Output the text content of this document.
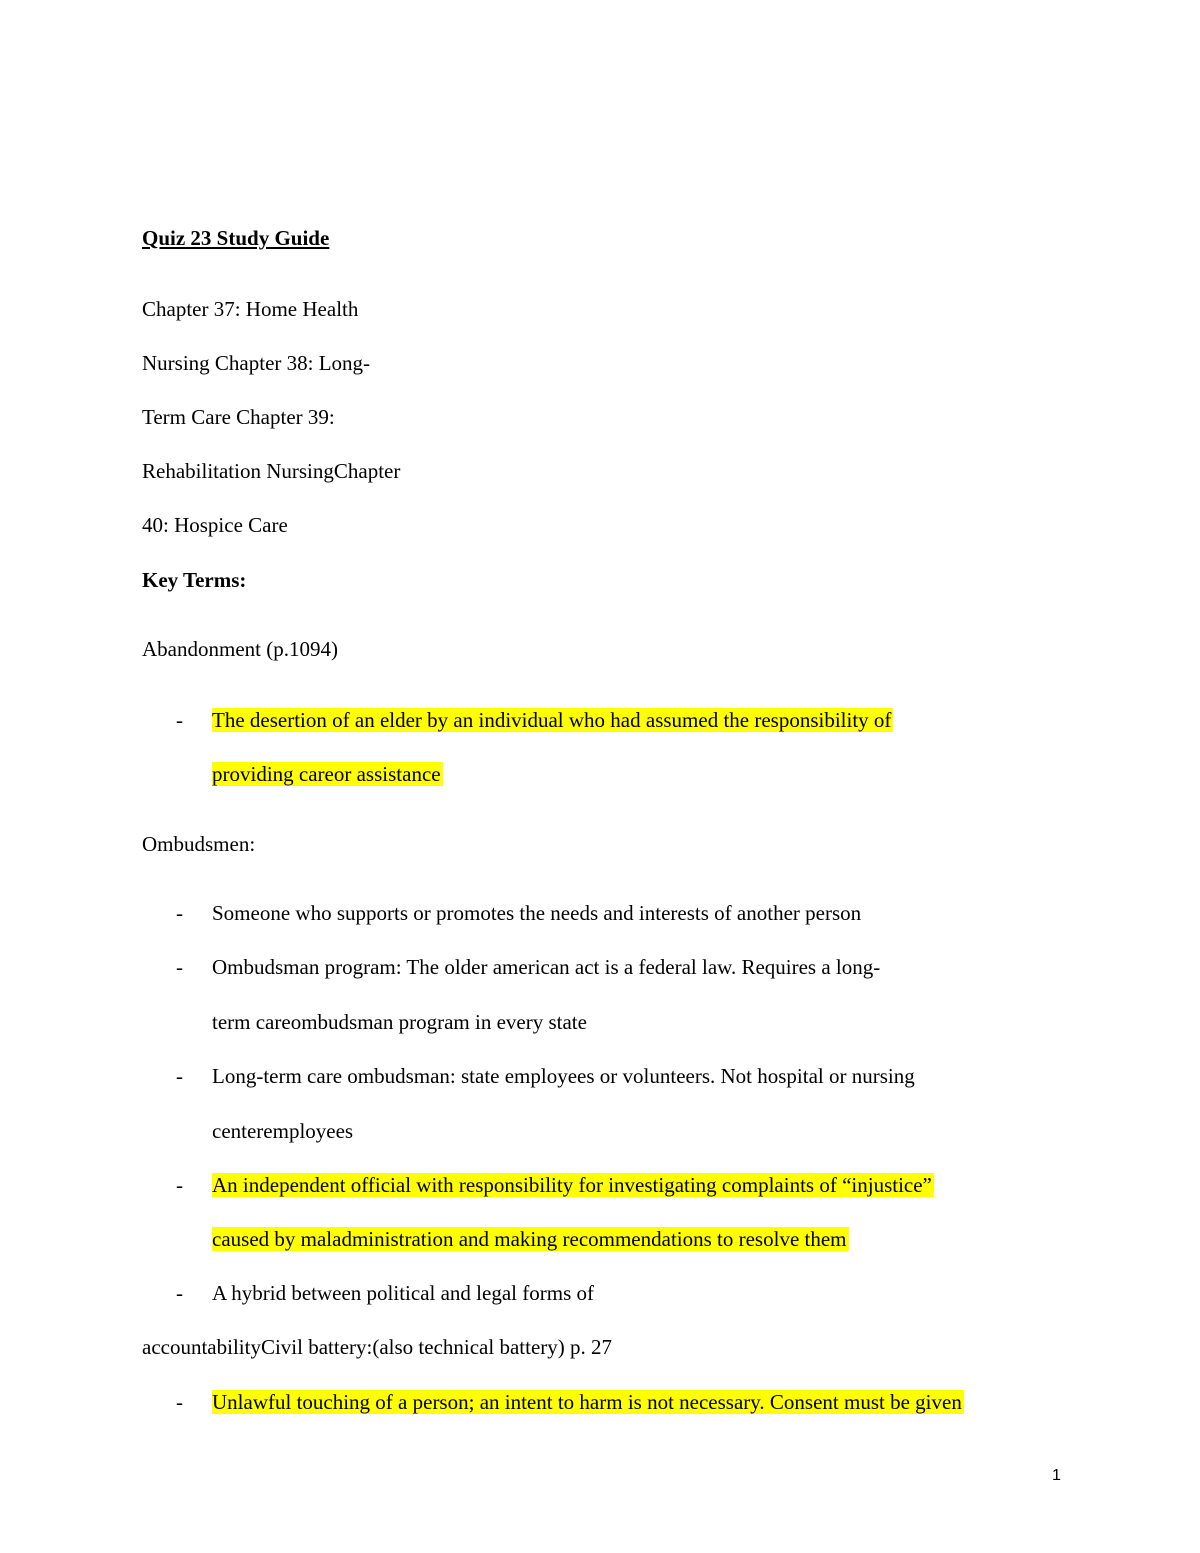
Quiz 23 Study Guide
Chapter 37: Home Health
Nursing Chapter 38: Long-
Term Care Chapter 39:
Rehabilitation NursingChapter
40: Hospice Care
Key Terms:
Abandonment (p.1094)
- The desertion of an elder by an individual who had assumed the responsibility of
providing careor assistance
Ombudsmen:
- Someone who supports or promotes the needs and interests of another person
- Ombudsman program: The older american act is a federal law. Requires a long-
term careombudsman program in every state
- Long-term care ombudsman: state employees or volunteers. Not hospital or nursing
centeremployees
- An independent official with responsibility for investigating complaints of “injustice”
caused by maladministration and making recommendations to resolve them
- A hybrid between political and legal forms of
accountabilityCivil battery:(also technical battery) p. 27
- Unlawful touching of a person; an intent to harm is not necessary. Consent must be given
1
